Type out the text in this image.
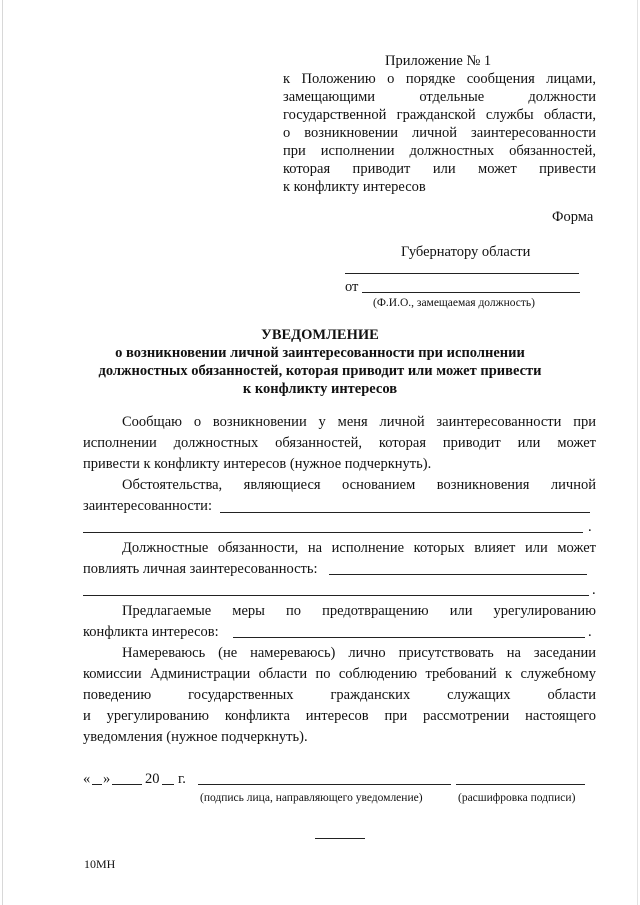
Приложение № 1
к Положению о порядке сообщения лицами,
замещающими отдельные должности
государственной гражданской службы области,
о возникновении личной заинтересованности
при исполнении должностных обязанностей,
которая приводит или может привести
к конфликту интересов
Форма
Губернатору области
от
(Ф.И.О., замещаемая должность)
УВЕДОМЛЕНИЕ
о возникновении личной заинтересованности при исполнении
должностных обязанностей, которая приводит или может привести
к конфликту интересов
Сообщаю о возникновении у меня личной заинтересованности при
исполнении должностных обязанностей, которая приводит или может
привести к конфликту интересов (нужное подчеркнуть).
Обстоятельства, являющиеся основанием возникновения личной
заинтересованности:
.
Должностные обязанности, на исполнение которых влияет или может
повлиять личная заинтересованность:
.
Предлагаемые меры по предотвращению или урегулированию
конфликта интересов:	.
Намереваюсь (не намереваюсь) лично присутствовать на заседании
комиссии Администрации области по соблюдению требований к служебному
поведению государственных гражданских служащих области
и урегулированию конфликта интересов при рассмотрении настоящего
уведомления (нужное подчеркнуть).
« » 20 г.
(подпись лица, направляющего уведомление)	(расшифровка подписи)
10МН
